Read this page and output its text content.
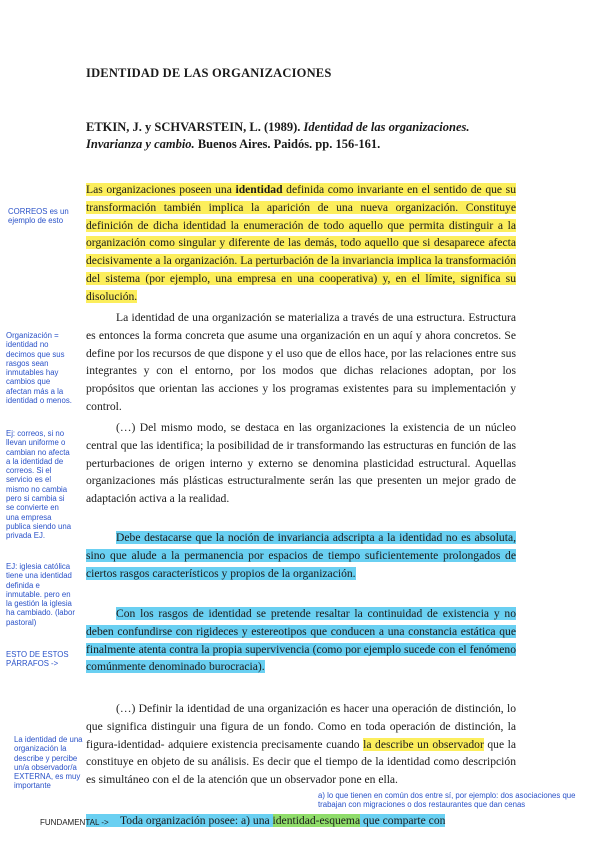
IDENTIDAD DE LAS ORGANIZACIONES
ETKIN, J. y SCHVARSTEIN, L. (1989). Identidad de las organizaciones. Invarianza y cambio. Buenos Aires. Paidós. pp. 156-161.
Las organizaciones poseen una identidad definida como invariante en el sentido de que su transformación también implica la aparición de una nueva organización. Constituye definición de dicha identidad la enumeración de todo aquello que permita distinguir a la organización como singular y diferente de las demás, todo aquello que si desaparece afecta decisivamente a la organización. La perturbación de la invariancia implica la transformación del sistema (por ejemplo, una empresa en una cooperativa) y, en el límite, significa su disolución.
La identidad de una organización se materializa a través de una estructura. Estructura es entonces la forma concreta que asume una organización en un aquí y ahora concretos. Se define por los recursos de que dispone y el uso que de ellos hace, por las relaciones entre sus integrantes y con el entorno, por los modos que dichas relaciones adoptan, por los propósitos que orientan las acciones y los programas existentes para su implementación y control.
(…) Del mismo modo, se destaca en las organizaciones la existencia de un núcleo central que las identifica; la posibilidad de ir transformando las estructuras en función de las perturbaciones de origen interno y externo se denomina plasticidad estructural. Aquellas organizaciones más plásticas estructuralmente serán las que presenten un mejor grado de adaptación activa a la realidad.
Debe destacarse que la noción de invariancia adscripta a la identidad no es absoluta, sino que alude a la permanencia por espacios de tiempo suficientemente prolongados de ciertos rasgos característicos y propios de la organización.
Con los rasgos de identidad se pretende resaltar la continuidad de existencia y no deben confundirse con rigideces y estereotipos que conducen a una constancia estática que finalmente atenta contra la propia supervivencia (como por ejemplo sucede con el fenómeno comúnmente denominado burocracia).
(…) Definir la identidad de una organización es hacer una operación de distinción, lo que significa distinguir una figura de un fondo. Como en toda operación de distinción, la figura-identidad- adquiere existencia precisamente cuando la describe un observador que la constituye en objeto de su análisis. Es decir que el tiempo de la identidad como descripción es simultáneo con el de la atención que un observador pone en ella.
Toda organización posee: a) una identidad-esquema que comparte con
CORREOS es un ejemplo de esto
Organización = identidad no decimos que sus rasgos sean inmutables hay cambios que afectan más a la identidad o menos.
Ej: correos, si no llevan uniforme o cambian no afecta a la identidad de correos. Si el servicio es el mismo no cambia pero si cambia si se convierte en una empresa publica siendo una privada EJ.
EJ: iglesia católica tiene una identidad definida e inmutable. pero en la gestión la iglesia ha cambiado. (labor pastoral)
ESTO DE ESTOS PÁRRAFOS ->
La identidad de una organización la describe y percibe un/a observador/a EXTERNA, es muy importante
a) lo que tienen en común dos entre sí, por ejemplo: dos asociaciones que trabajan con migraciones o dos restaurantes que dan cenas
FUNDAMENTAL ->
